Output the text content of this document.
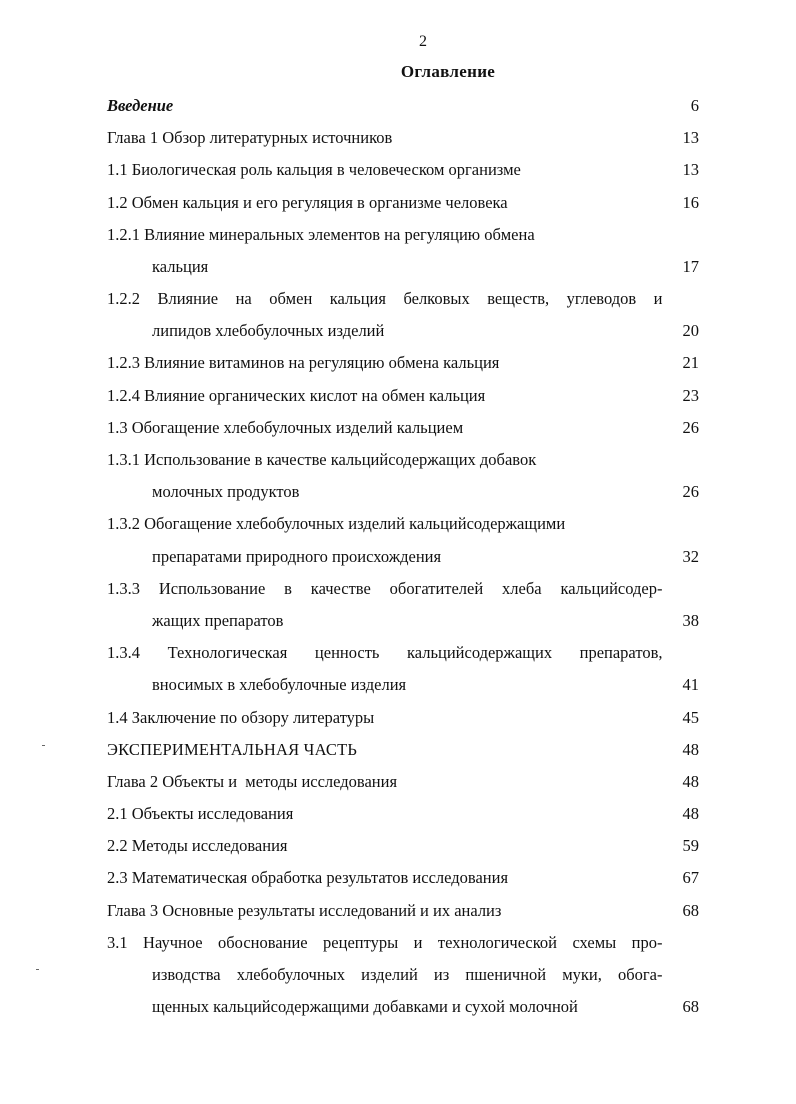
2
Оглавление
Введение	6
Глава 1 Обзор литературных источников	13
1.1 Биологическая роль кальция в человеческом организме	13
1.2 Обмен кальция и его регуляция в организме человека	16
1.2.1 Влияние минеральных элементов на регуляцию обмена
кальция	17
1.2.2 Влияние на обмен кальция белковых веществ, углеводов и
липидов хлебобулочных изделий	20
1.2.3 Влияние витаминов на регуляцию обмена кальция	21
1.2.4 Влияние органических кислот на обмен кальция	23
1.3 Обогащение хлебобулочных изделий кальцием	26
1.3.1 Использование в качестве кальцийсодержащих добавок
молочных продуктов	26
1.3.2 Обогащение хлебобулочных изделий кальцийсодержащими
препаратами природного происхождения	32
1.3.3 Использование в качестве обогатителей хлеба кальцийсодер-
жащих препаратов	38
1.3.4 Технологическая ценность кальцийсодержащих препаратов,
вносимых в хлебобулочные изделия	41
1.4 Заключение по обзору литературы	45
ЭКСПЕРИМЕНТАЛЬНАЯ ЧАСТЬ	48
Глава 2 Объекты и  методы исследования	48
2.1 Объекты исследования	48
2.2 Методы исследования	59
2.3 Математическая обработка результатов исследования	67
Глава 3 Основные результаты исследований и их анализ	68
3.1 Научное обоснование рецептуры и технологической схемы про-
изводства хлебобулочных изделий из пшеничной муки, обога-
щенных кальцийсодержащими добавками и сухой молочной	68
